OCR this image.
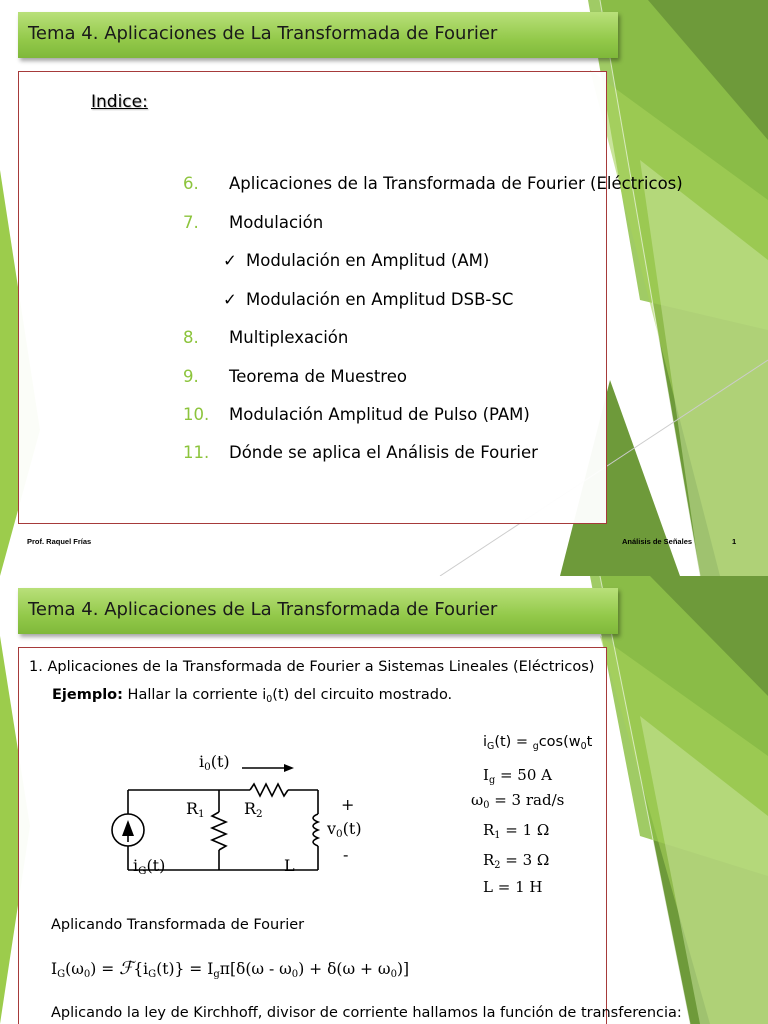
Tema 4. Aplicaciones de La Transformada de Fourier
Indice:
6.	Aplicaciones de la Transformada de Fourier (Eléctricos)
7.	Modulación
✓ Modulación en Amplitud (AM)
✓ Modulación en Amplitud DSB-SC
8.	Multiplexación
9.	Teorema de Muestreo
10.	Modulación Amplitud de Pulso (PAM)
11.	Dónde se aplica el Análisis de Fourier
Prof. Raquel Frías	Análisis de Señales	1
Tema 4. Aplicaciones de La Transformada de Fourier
1. Aplicaciones de la Transformada de Fourier a Sistemas Lineales (Eléctricos)
Ejemplo: Hallar la corriente $i_0(t)$ del circuito mostrado.
$i_0(t)$
$R_1$ $R_2$	+
$v_0(t)$
-
$i_G(t)$	L
$i_G(t) = _g\cos(w_0t$
$I_g = 50$ A
$\omega_0 = 3$ rad/s
$R_1 = 1$ Ω
$R_2 = 3$ Ω
L = 1 H
Aplicando Transformada de Fourier
$I_G(\omega_0)$ = $ℱ\{i_G(t)\} = I_g\pi[\delta(\omega - \omega_0) + \delta(\omega + \omega_0)]$
Aplicando la ley de Kirchhoff, divisor de corriente hallamos la función de transferencia:
